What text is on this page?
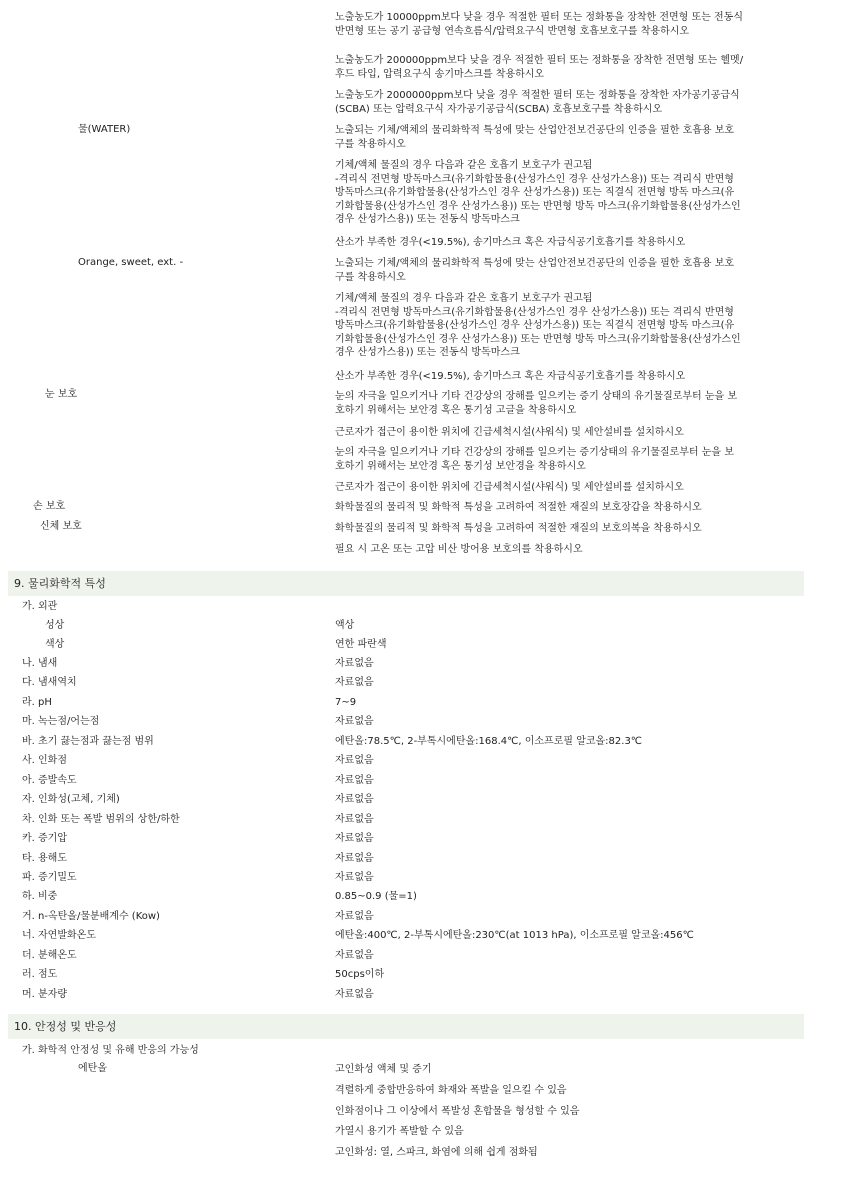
노출농도가 10000ppm보다 낮을 경우 적절한 필터 또는 정화통을 장착한 전면형 또는 전동식
반면형 또는 공기 공급형 연속흐름식/압력요구식 반면형 호흡보호구를 착용하시오
노출농도가 200000ppm보다 낮을 경우 적절한 필터 또는 정화통을 장착한 전면형 또는 헬멧/
후드 타입, 압력요구식 송기마스크를 착용하시오
노출농도가 2000000ppm보다 낮을 경우 적절한 필터 또는 정화통을 장착한 자가공기공급식
(SCBA) 또는 압력요구식 자가공기공급식(SCBA) 호흡보호구를 착용하시오
물(WATER)	노출되는 기체/액체의 물리화학적 특성에 맞는 산업안전보건공단의 인증을 필한 호흡용 보호
구를 착용하시오
기체/액체 물질의 경우 다음과 같은 호흡기 보호구가 권고됨
-격리식 전면형 방독마스크(유기화합물용(산성가스인 경우 산성가스용)) 또는 격리식 반면형
방독마스크(유기화합물용(산성가스인 경우 산성가스용)) 또는 직결식 전면형 방독 마스크(유
기화합물용(산성가스인 경우 산성가스용)) 또는 반면형 방독 마스크(유기화합물용(산성가스인
경우 산성가스용)) 또는 전동식 방독마스크
산소가 부족한 경우(<19.5%), 송기마스크 혹은 자급식공기호흡기를 착용하시오
Orange, sweet, ext. -	노출되는 기체/액체의 물리화학적 특성에 맞는 산업안전보건공단의 인증을 필한 호흡용 보호
구를 착용하시오
기체/액체 물질의 경우 다음과 같은 호흡기 보호구가 권고됨
-격리식 전면형 방독마스크(유기화합물용(산성가스인 경우 산성가스용)) 또는 격리식 반면형
방독마스크(유기화합물용(산성가스인 경우 산성가스용)) 또는 직결식 전면형 방독 마스크(유
기화합물용(산성가스인 경우 산성가스용)) 또는 반면형 방독 마스크(유기화합물용(산성가스인
경우 산성가스용)) 또는 전동식 방독마스크
산소가 부족한 경우(<19.5%), 송기마스크 혹은 자급식공기호흡기를 착용하시오
눈 보호	눈의 자극을 일으키거나 기타 건강상의 장해를 일으키는 증기 상태의 유기물질로부터 눈을 보
호하기 위해서는 보안경 혹은 통기성 고글을 착용하시오
근로자가 접근이 용이한 위치에 긴급세척시설(샤워식) 및 세안설비를 설치하시오
눈의 자극을 일으키거나 기타 건강상의 장해를 일으키는 증기상태의 유기물질로부터 눈을 보
호하기 위해서는 보안경 혹은 통기성 보안경을 착용하시오
근로자가 접근이 용이한 위치에 긴급세척시설(샤워식) 및 세안설비를 설치하시오
손 보호	화학물질의 물리적 및 화학적 특성을 고려하여 적절한 재질의 보호장갑을 착용하시오
신체 보호	화학물질의 물리적 및 화학적 특성을 고려하여 적절한 재질의 보호의복을 착용하시오
필요 시 고온 또는 고압 비산 방어용 보호의를 착용하시오
9. 물리화학적 특성
가. 외관
성상	액상
색상	연한 파란색
나. 냄새	자료없음
다. 냄새역치	자료없음
라. pH	7~9
마. 녹는점/어는점	자료없음
바. 초기 끓는점과 끓는점 범위	에탄올:78.5℃, 2-부톡시에탄올:168.4℃, 이소프로필 알코올:82.3℃
사. 인화점	자료없음
아. 증발속도	자료없음
자. 인화성(고체, 기체)	자료없음
차. 인화 또는 폭발 범위의 상한/하한	자료없음
카. 증기압	자료없음
타. 용해도	자료없음
파. 증기밀도	자료없음
하. 비중	0.85~0.9 (물=1)
거. n-옥탄올/물분배계수 (Kow)	자료없음
너. 자연발화온도	에탄올:400℃, 2-부톡시에탄올:230℃(at 1013 hPa), 이소프로필 알코올:456℃
더. 분해온도	자료없음
러. 점도	50cps이하
머. 분자량	자료없음
10. 안정성 및 반응성
가. 화학적 안정성 및 유해 반응의 가능성
에탄올	고인화성 액체 및 증기
격렬하게 중합반응하여 화재와 폭발을 일으킬 수 있음
인화점이나 그 이상에서 폭발성 혼합물을 형성할 수 있음
가열시 용기가 폭발할 수 있음
고인화성: 열, 스파크, 화염에 의해 쉽게 점화됨
